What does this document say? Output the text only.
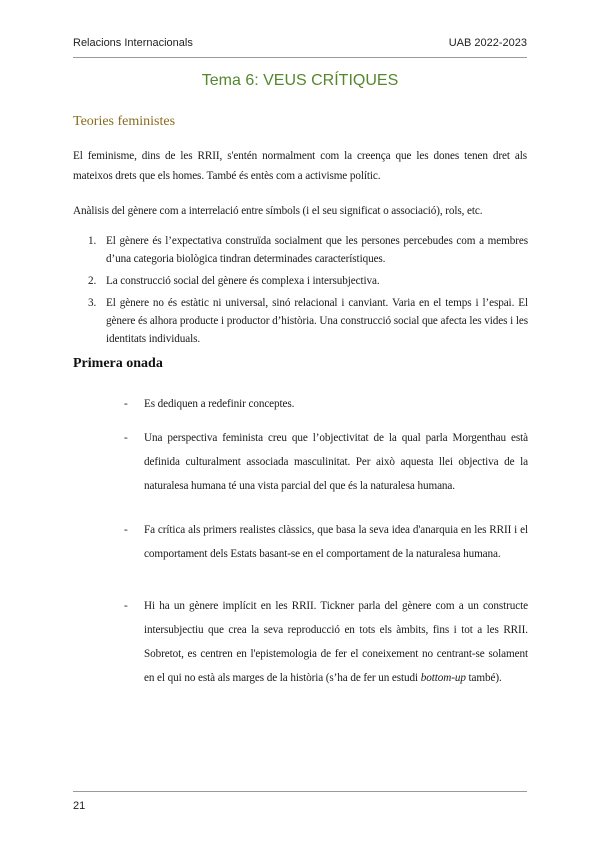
Relacions Internacionals	UAB 2022-2023
Tema 6: VEUS CRÍTIQUES
Teories feministes
El feminisme, dins de les RRII, s'entén normalment com la creença que les dones tenen dret als mateixos drets que els homes. També és entès com a activisme polític.
Anàlisis del gènere com a interrelació entre símbols (i el seu significat o associació), rols, etc.
1. El gènere és l’expectativa construïda socialment que les persones percebudes com a membres d’una categoria biològica tindran determinades característiques.
2. La construcció social del gènere és complexa i intersubjectiva.
3. El gènere no és estàtic ni universal, sinó relacional i canviant. Varia en el temps i l’espai. El gènere és alhora producte i productor d’història. Una construcció social que afecta les vides i les identitats individuals.
Primera onada
-	Es dediquen a redefinir conceptes.
-	Una perspectiva feminista creu que l’objectivitat de la qual parla Morgenthau està definida culturalment associada masculinitat. Per això aquesta llei objectiva de la naturalesa humana té una vista parcial del que és la naturalesa humana.
-	Fa crítica als primers realistes clàssics, que basa la seva idea d'anarquia en les RRII i el comportament dels Estats basant-se en el comportament de la naturalesa humana.
-	Hi ha un gènere implícit en les RRII. Tickner parla del gènere com a un constructe intersubjectiu que crea la seva reproducció en tots els àmbits, fins i tot a les RRII. Sobretot, es centren en l'epistemologia de fer el coneixement no centrant-se solament en el qui no està als marges de la història (s’ha de fer un estudi bottom-up també).
21
